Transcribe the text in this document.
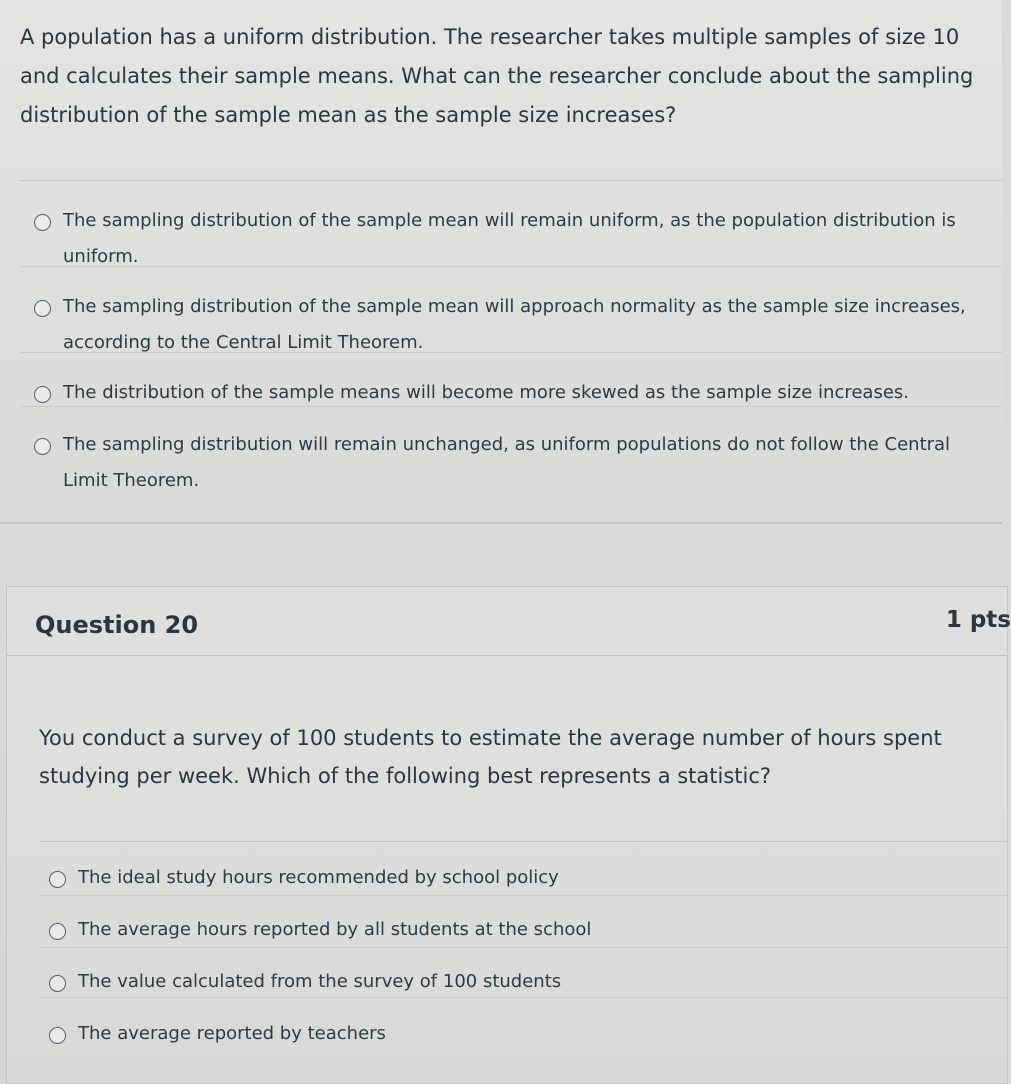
A population has a uniform distribution. The researcher takes multiple samples of size 10 and calculates their sample means. What can the researcher conclude about the sampling distribution of the sample mean as the sample size increases?
The sampling distribution of the sample mean will remain uniform, as the population distribution is uniform.
The sampling distribution of the sample mean will approach normality as the sample size increases, according to the Central Limit Theorem.
The distribution of the sample means will become more skewed as the sample size increases.
The sampling distribution will remain unchanged, as uniform populations do not follow the Central Limit Theorem.
Question 20	1 pts
You conduct a survey of 100 students to estimate the average number of hours spent studying per week. Which of the following best represents a statistic?
The ideal study hours recommended by school policy
The average hours reported by all students at the school
The value calculated from the survey of 100 students
The average reported by teachers
